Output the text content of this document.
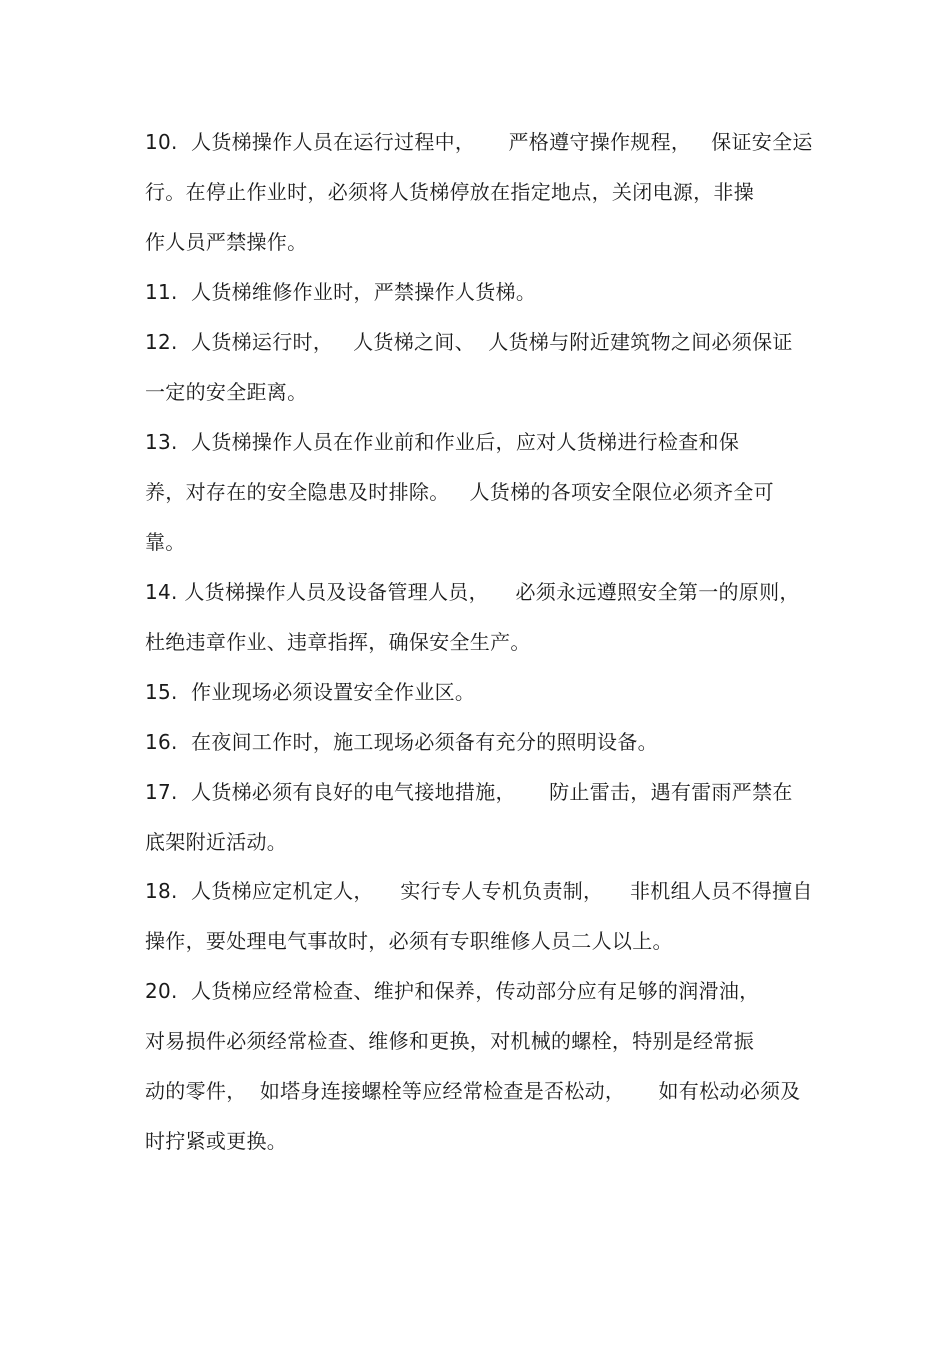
10.  人货梯操作人员在运行过程中，     严格遵守操作规程，   保证安全运
行。在停止作业时，必须将人货梯停放在指定地点，关闭电源，非操
作人员严禁操作。
11.  人货梯维修作业时，严禁操作人货梯。
12.  人货梯运行时，   人货梯之间、  人货梯与附近建筑物之间必须保证
一定的安全距离。
13.  人货梯操作人员在作业前和作业后，应对人货梯进行检查和保
养，对存在的安全隐患及时排除。   人货梯的各项安全限位必须齐全可
靠。
14. 人货梯操作人员及设备管理人员，    必须永远遵照安全第一的原则，
杜绝违章作业、违章指挥，确保安全生产。
15.  作业现场必须设置安全作业区。
16.  在夜间工作时，施工现场必须备有充分的照明设备。
17.  人货梯必须有良好的电气接地措施，     防止雷击，遇有雷雨严禁在
底架附近活动。
18.  人货梯应定机定人，    实行专人专机负责制，    非机组人员不得擅自
操作，要处理电气事故时，必须有专职维修人员二人以上。
20.  人货梯应经常检查、维护和保养，传动部分应有足够的润滑油，
对易损件必须经常检查、维修和更换，对机械的螺栓，特别是经常振
动的零件，  如塔身连接螺栓等应经常检查是否松动，     如有松动必须及
时拧紧或更换。
